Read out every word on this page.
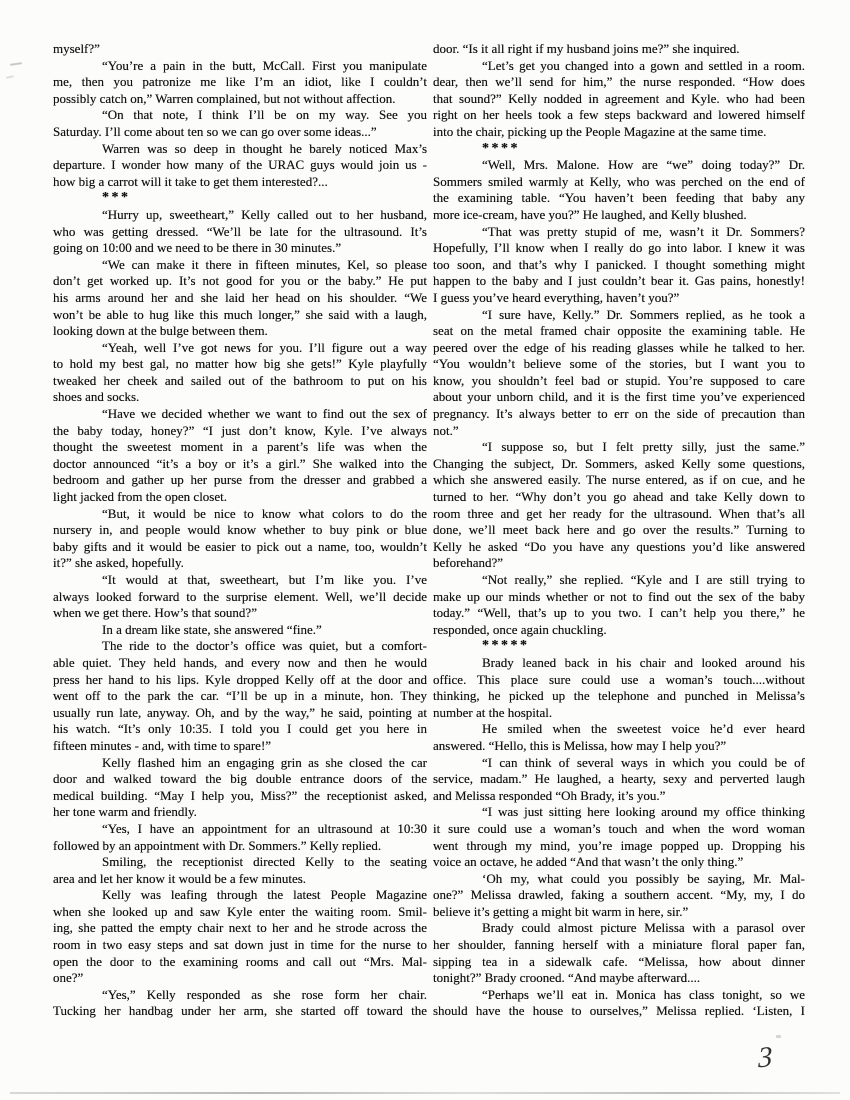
myself?”
“You’re a pain in the butt, McCall. First you manipulate
me, then you patronize me like I’m an idiot, like I couldn’t
possibly catch on,” Warren complained, but not without affection.
“On that note, I think I’ll be on my way. See you
Saturday. I’ll come about ten so we can go over some ideas...”
Warren was so deep in thought he barely noticed Max’s
departure. I wonder how many of the URAC guys would join us -
how big a carrot will it take to get them interested?...
***
“Hurry up, sweetheart,” Kelly called out to her husband,
who was getting dressed. “We’ll be late for the ultrasound. It’s
going on 10:00 and we need to be there in 30 minutes.”
“We can make it there in fifteen minutes, Kel, so please
don’t get worked up. It’s not good for you or the baby.” He put
his arms around her and she laid her head on his shoulder. “We
won’t be able to hug like this much longer,” she said with a laugh,
looking down at the bulge between them.
“Yeah, well I’ve got news for you. I’ll figure out a way
to hold my best gal, no matter how big she gets!” Kyle playfully
tweaked her cheek and sailed out of the bathroom to put on his
shoes and socks.
“Have we decided whether we want to find out the sex of
the baby today, honey?” “I just don’t know, Kyle. I’ve always
thought the sweetest moment in a parent’s life was when the
doctor announced “it’s a boy or it’s a girl.” She walked into the
bedroom and gather up her purse from the dresser and grabbed a
light jacked from the open closet.
“But, it would be nice to know what colors to do the
nursery in, and people would know whether to buy pink or blue
baby gifts and it would be easier to pick out a name, too, wouldn’t
it?” she asked, hopefully.
“It would at that, sweetheart, but I’m like you. I’ve
always looked forward to the surprise element. Well, we’ll decide
when we get there. How’s that sound?”
In a dream like state, she answered “fine.”
The ride to the doctor’s office was quiet, but a comfort-
able quiet. They held hands, and every now and then he would
press her hand to his lips. Kyle dropped Kelly off at the door and
went off to the park the car. “I’ll be up in a minute, hon. They
usually run late, anyway. Oh, and by the way,” he said, pointing at
his watch. “It’s only 10:35. I told you I could get you here in
fifteen minutes - and, with time to spare!”
Kelly flashed him an engaging grin as she closed the car
door and walked toward the big double entrance doors of the
medical building. “May I help you, Miss?” the receptionist asked,
her tone warm and friendly.
“Yes, I have an appointment for an ultrasound at 10:30
followed by an appointment with Dr. Sommers.” Kelly replied.
Smiling, the receptionist directed Kelly to the seating
area and let her know it would be a few minutes.
Kelly was leafing through the latest People Magazine
when she looked up and saw Kyle enter the waiting room. Smil-
ing, she patted the empty chair next to her and he strode across the
room in two easy steps and sat down just in time for the nurse to
open the door to the examining rooms and call out “Mrs. Mal-
one?”
“Yes,” Kelly responded as she rose form her chair.
Tucking her handbag under her arm, she started off toward the
door. “Is it all right if my husband joins me?” she inquired.
“Let’s get you changed into a gown and settled in a room.
dear, then we’ll send for him,” the nurse responded. “How does
that sound?” Kelly nodded in agreement and Kyle. who had been
right on her heels took a few steps backward and lowered himself
into the chair, picking up the People Magazine at the same time.
****
“Well, Mrs. Malone. How are “we” doing today?” Dr.
Sommers smiled warmly at Kelly, who was perched on the end of
the examining table. “You haven’t been feeding that baby any
more ice-cream, have you?” He laughed, and Kelly blushed.
“That was pretty stupid of me, wasn’t it Dr. Sommers?
Hopefully, I’ll know when I really do go into labor. I knew it was
too soon, and that’s why I panicked. I thought something might
happen to the baby and I just couldn’t bear it. Gas pains, honestly!
I guess you’ve heard everything, haven’t you?”
“I sure have, Kelly.” Dr. Sommers replied, as he took a
seat on the metal framed chair opposite the examining table. He
peered over the edge of his reading glasses while he talked to her.
“You wouldn’t believe some of the stories, but I want you to
know, you shouldn’t feel bad or stupid. You’re supposed to care
about your unborn child, and it is the first time you’ve experienced
pregnancy. It’s always better to err on the side of precaution than
not.”
“I suppose so, but I felt pretty silly, just the same.”
Changing the subject, Dr. Sommers, asked Kelly some questions,
which she answered easily. The nurse entered, as if on cue, and he
turned to her. “Why don’t you go ahead and take Kelly down to
room three and get her ready for the ultrasound. When that’s all
done, we’ll meet back here and go over the results.” Turning to
Kelly he asked “Do you have any questions you’d like answered
beforehand?”
“Not really,” she replied. “Kyle and I are still trying to
make up our minds whether or not to find out the sex of the baby
today.” “Well, that’s up to you two. I can’t help you there,” he
responded, once again chuckling.
*****
Brady leaned back in his chair and looked around his
office. This place sure could use a woman’s touch....without
thinking, he picked up the telephone and punched in Melissa’s
number at the hospital.
He smiled when the sweetest voice he’d ever heard
answered. “Hello, this is Melissa, how may I help you?”
“I can think of several ways in which you could be of
service, madam.” He laughed, a hearty, sexy and perverted laugh
and Melissa responded “Oh Brady, it’s you.”
“I was just sitting here looking around my office thinking
it sure could use a woman’s touch and when the word woman
went through my mind, you’re image popped up. Dropping his
voice an octave, he added “And that wasn’t the only thing.”
‘Oh my, what could you possibly be saying, Mr. Mal-
one?” Melissa drawled, faking a southern accent. “My, my, I do
believe it’s getting a might bit warm in here, sir.”
Brady could almost picture Melissa with a parasol over
her shoulder, fanning herself with a miniature floral paper fan,
sipping tea in a sidewalk cafe. “Melissa, how about dinner
tonight?” Brady crooned. “And maybe afterward....
“Perhaps we’ll eat in. Monica has class tonight, so we
should have the house to ourselves,” Melissa replied. ‘Listen, I
3
